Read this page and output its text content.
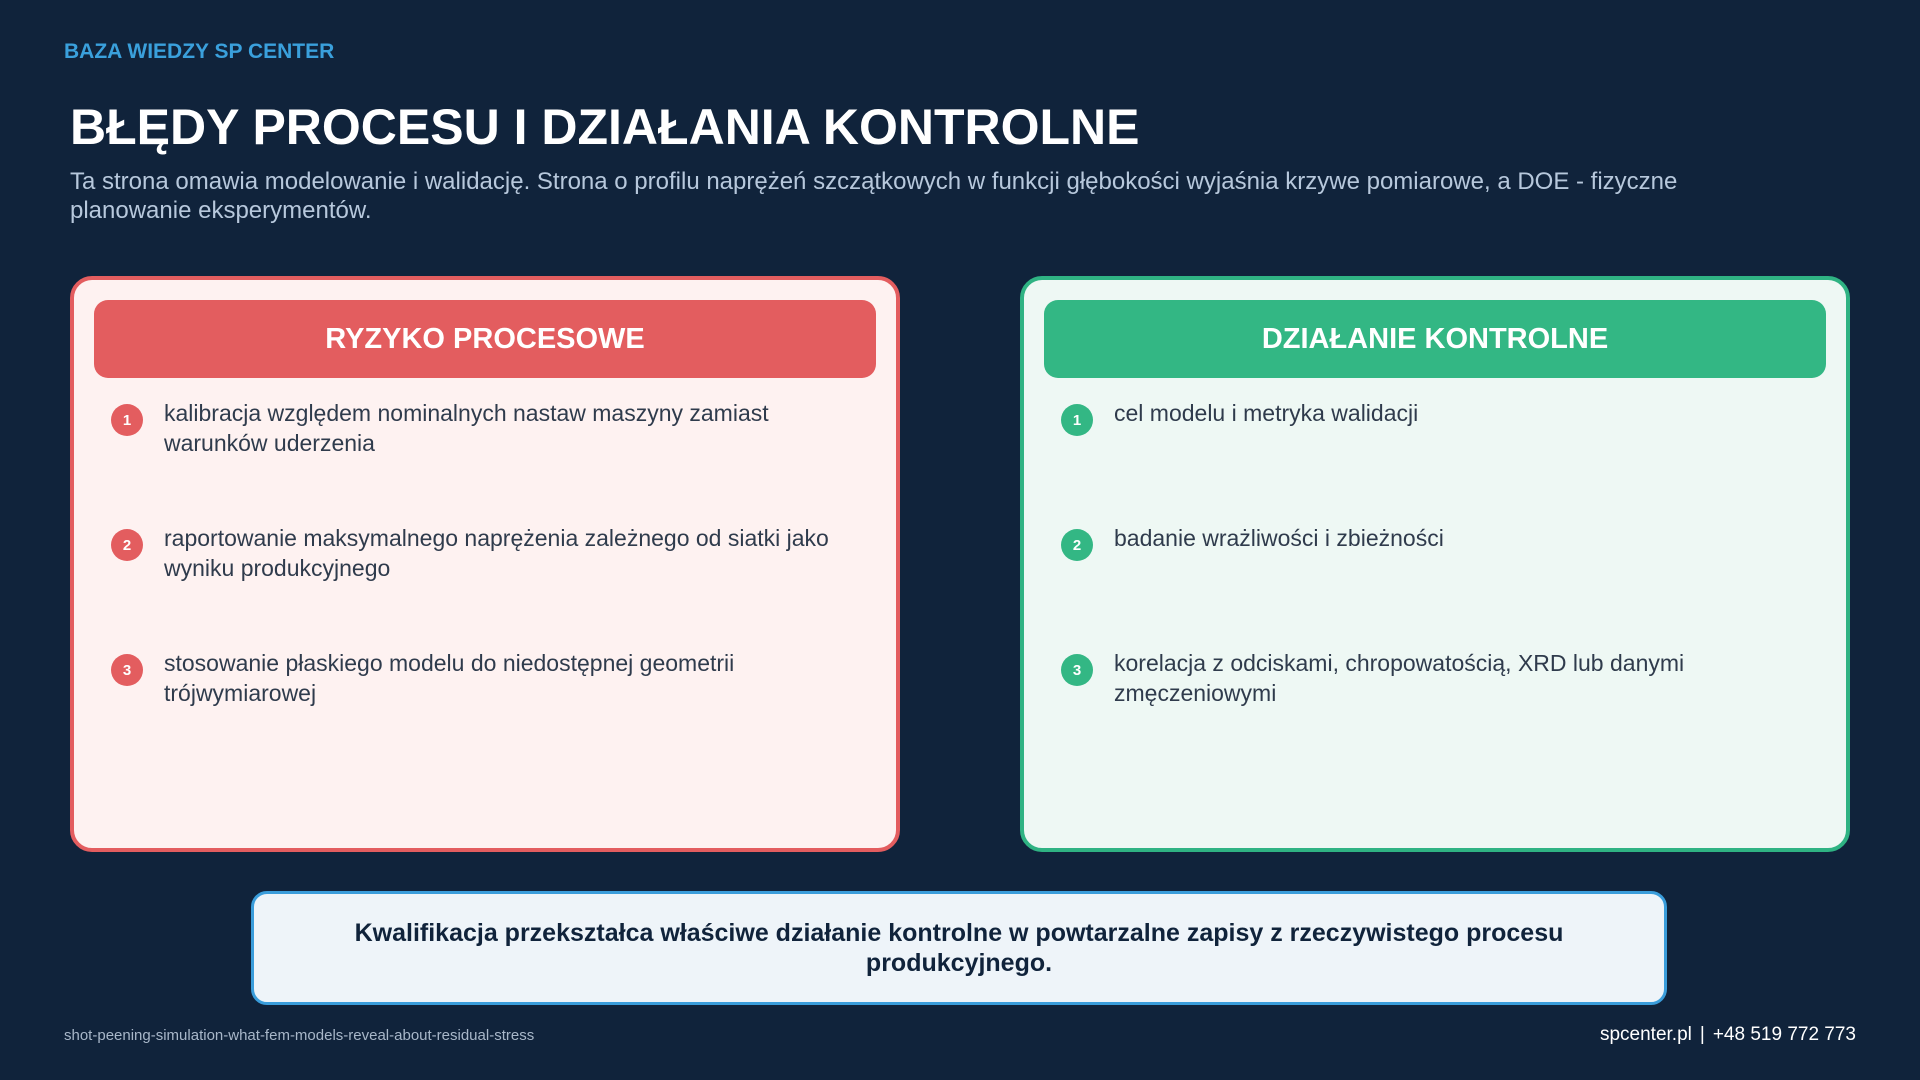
BAZA WIEDZY SP CENTER
BŁĘDY PROCESU I DZIAŁANIA KONTROLNE

Ta strona omawia modelowanie i walidację. Strona o profilu naprężeń szczątkowych w funkcji głębokości wyjaśnia krzywe pomiarowe, a DOE - fizyczne planowanie eksperymentów.

RYZYKO PROCESOWE
1	kalibracja względem nominalnych nastaw maszyny zamiast warunków uderzenia
2	raportowanie maksymalnego naprężenia zależnego od siatki jako wyniku produkcyjnego
3	stosowanie płaskiego modelu do niedostępnej geometrii trójwymiarowej
DZIAŁANIE KONTROLNE
1	cel modelu i metryka walidacji
2	badanie wrażliwości i zbieżności
3	korelacja z odciskami, chropowatością, XRD lub danymi zmęczeniowymi
Kwalifikacja przekształca właściwe działanie kontrolne w powtarzalne zapisy z rzeczywistego procesu produkcyjnego.
shot-peening-simulation-what-fem-models-reveal-about-residual-stress	spcenter.pl | +48 519 772 773
